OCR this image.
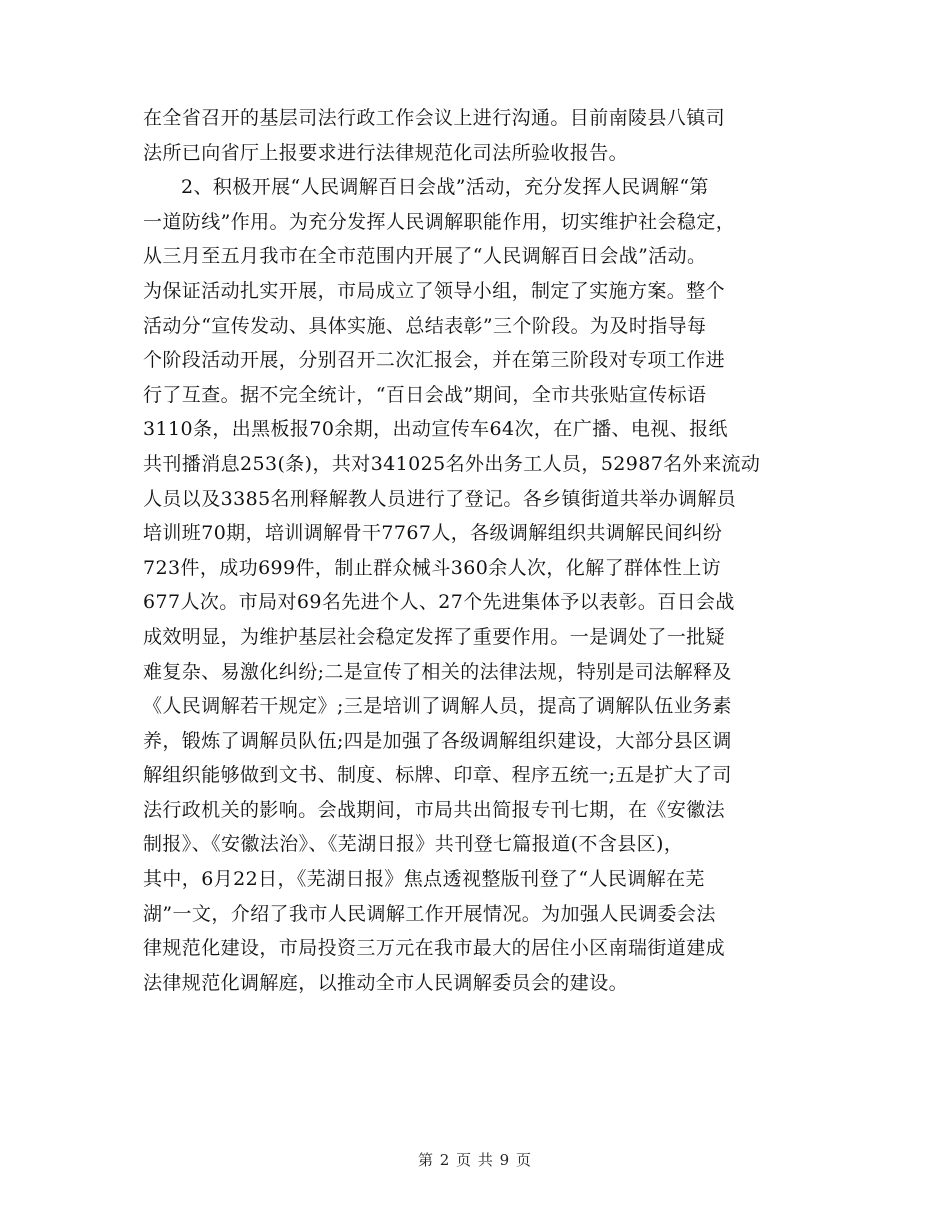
在全省召开的基层司法行政工作会议上进行沟通。目前南陵县八镇司
法所已向省厅上报要求进行法律规范化司法所验收报告。
2、积极开展“人民调解百日会战”活动，充分发挥人民调解“第
一道防线”作用。为充分发挥人民调解职能作用，切实维护社会稳定，
从三月至五月我市在全市范围内开展了“人民调解百日会战”活动。
为保证活动扎实开展，市局成立了领导小组，制定了实施方案。整个
活动分“宣传发动、具体实施、总结表彰”三个阶段。为及时指导每
个阶段活动开展，分别召开二次汇报会，并在第三阶段对专项工作进
行了互查。据不完全统计，“百日会战”期间，全市共张贴宣传标语
3110条，出黑板报70余期，出动宣传车64次，在广播、电视、报纸
共刊播消息253(条)，共对341025名外出务工人员，52987名外来流动
人员以及3385名刑释解教人员进行了登记。各乡镇街道共举办调解员
培训班70期，培训调解骨干7767人，各级调解组织共调解民间纠纷
723件，成功699件，制止群众械斗360余人次，化解了群体性上访
677人次。市局对69名先进个人、27个先进集体予以表彰。百日会战
成效明显，为维护基层社会稳定发挥了重要作用。一是调处了一批疑
难复杂、易激化纠纷;二是宣传了相关的法律法规，特别是司法解释及
《人民调解若干规定》;三是培训了调解人员，提高了调解队伍业务素
养，锻炼了调解员队伍;四是加强了各级调解组织建设，大部分县区调
解组织能够做到文书、制度、标牌、印章、程序五统一;五是扩大了司
法行政机关的影响。会战期间，市局共出简报专刊七期，在《安徽法
制报》、《安徽法治》、《芜湖日报》共刊登七篇报道(不含县区)，
其中，6月22日，《芜湖日报》焦点透视整版刊登了“人民调解在芜
湖”一文，介绍了我市人民调解工作开展情况。为加强人民调委会法
律规范化建设，市局投资三万元在我市最大的居住小区南瑞街道建成
法律规范化调解庭，以推动全市人民调解委员会的建设。
第 2 页 共 9 页
